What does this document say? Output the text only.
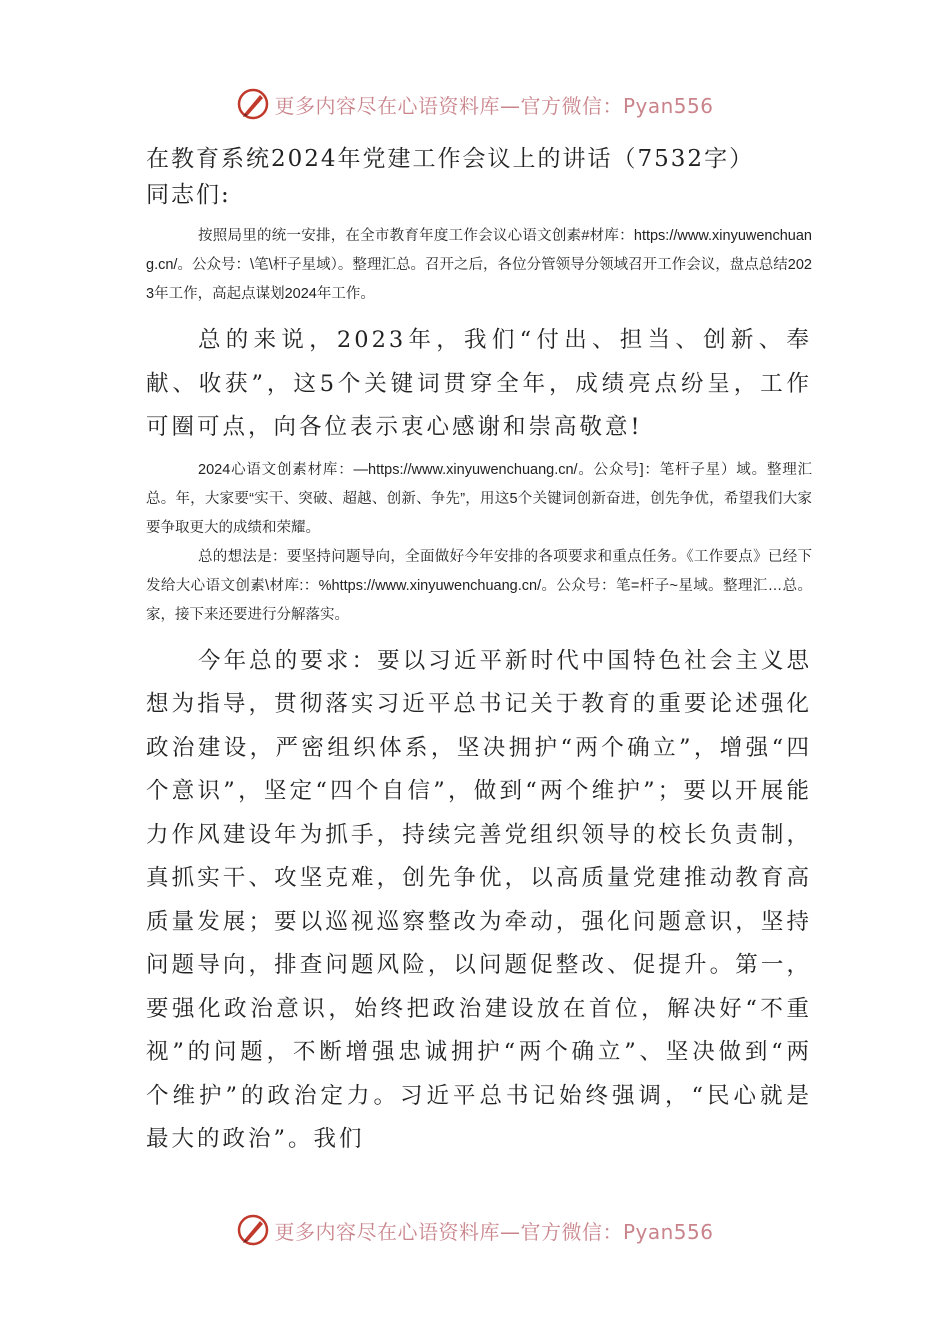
更多内容尽在心语资料库—官方微信：Pyan556

在教育系统2024年党建工作会议上的讲话（7532字）

同志们:

按照局里的统一安排，在全市教育年度工作会议心语文创素#材库：https://www.xinyuwenchuang.cn/。公众号：\笔\杆子星域）。整理汇总。召开之后，各位分管领导分领域召开工作会议，盘点总结2023年工作，高起点谋划2024年工作。

总的来说，2023年，我们“付出、担当、创新、奉献、收获”，这5个关键词贯穿全年，成绩亮点纷呈，工作可圈可点，向各位表示衷心感谢和崇高敬意!

2024心语文创素材库：—https://www.xinyuwenchuang.cn/。公众号]：笔杆子星）域。整理汇总。年，大家要“实干、突破、超越、创新、争先”，用这5个关键词创新奋进，创先争优，希望我们大家要争取更大的成绩和荣耀。

总的想法是：要坚持问题导向，全面做好今年安排的各项要求和重点任务。《工作要点》已经下发给大心语文创素\材库:：%https://www.xinyuwenchuang.cn/。公众号：笔=杆子~星域。整理汇…总。家，接下来还要进行分解落实。

今年总的要求：要以习近平新时代中国特色社会主义思想为指导，贯彻落实习近平总书记关于教育的重要论述强化政治建设，严密组织体系，坚决拥护“两个确立”，增强“四个意识”，坚定“四个自信”，做到“两个维护”；要以开展能力作风建设年为抓手，持续完善党组织领导的校长负责制，真抓实干、攻坚克难，创先争优，以高质量党建推动教育高质量发展；要以巡视巡察整改为牵动，强化问题意识，坚持问题导向，排查问题风险，以问题促整改、促提升。第一，要强化政治意识，始终把政治建设放在首位，解决好“不重视”的问题，不断增强忠诚拥护“两个确立”、坚决做到“两个维护”的政治定力。习近平总书记始终强调，“民心就是最大的政治”。我们

更多内容尽在心语资料库—官方微信：Pyan556
